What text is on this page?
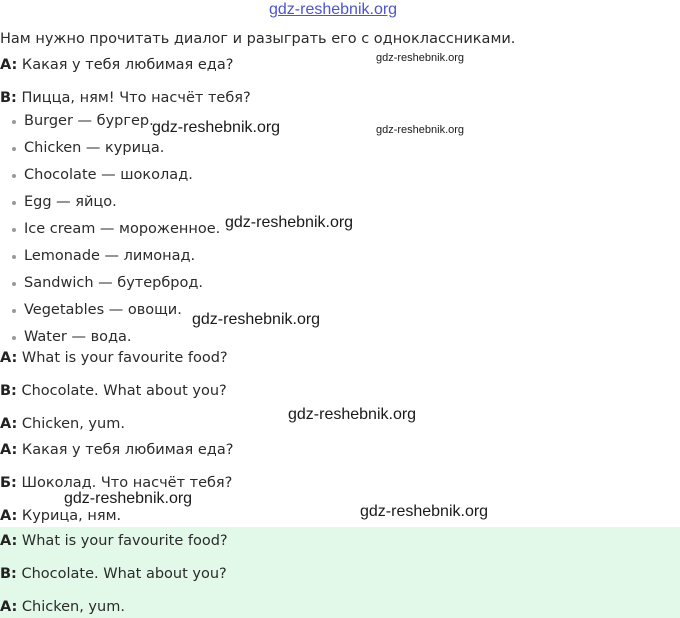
gdz-reshebnik.org
Нам нужно прочитать диалог и разыграть его с одноклассниками.
A: Какая у тебя любимая еда?
B: Пицца, ням! Что насчёт тебя?
Burger — бургер.
Chicken — курица.
Chocolate — шоколад.
Egg — яйцо.
Ice cream — мороженное.
Lemonade — лимонад.
Sandwich — бутерброд.
Vegetables — овощи.
Water — вода.
A: What is your favourite food?
B: Chocolate. What about you?
A: Chicken, yum.
A: Какая у тебя любимая еда?
Б: Шоколад. Что насчёт тебя?
A: Курица, ням.
A: What is your favourite food?
B: Chocolate. What about you?
A: Chicken, yum.
gdz-reshebnik.org
gdz-reshebnik.org
gdz-reshebnik.org
gdz-reshebnik.org
gdz-reshebnik.org
gdz-reshebnik.org
gdz-reshebnik.org
gdz-reshebnik.org
